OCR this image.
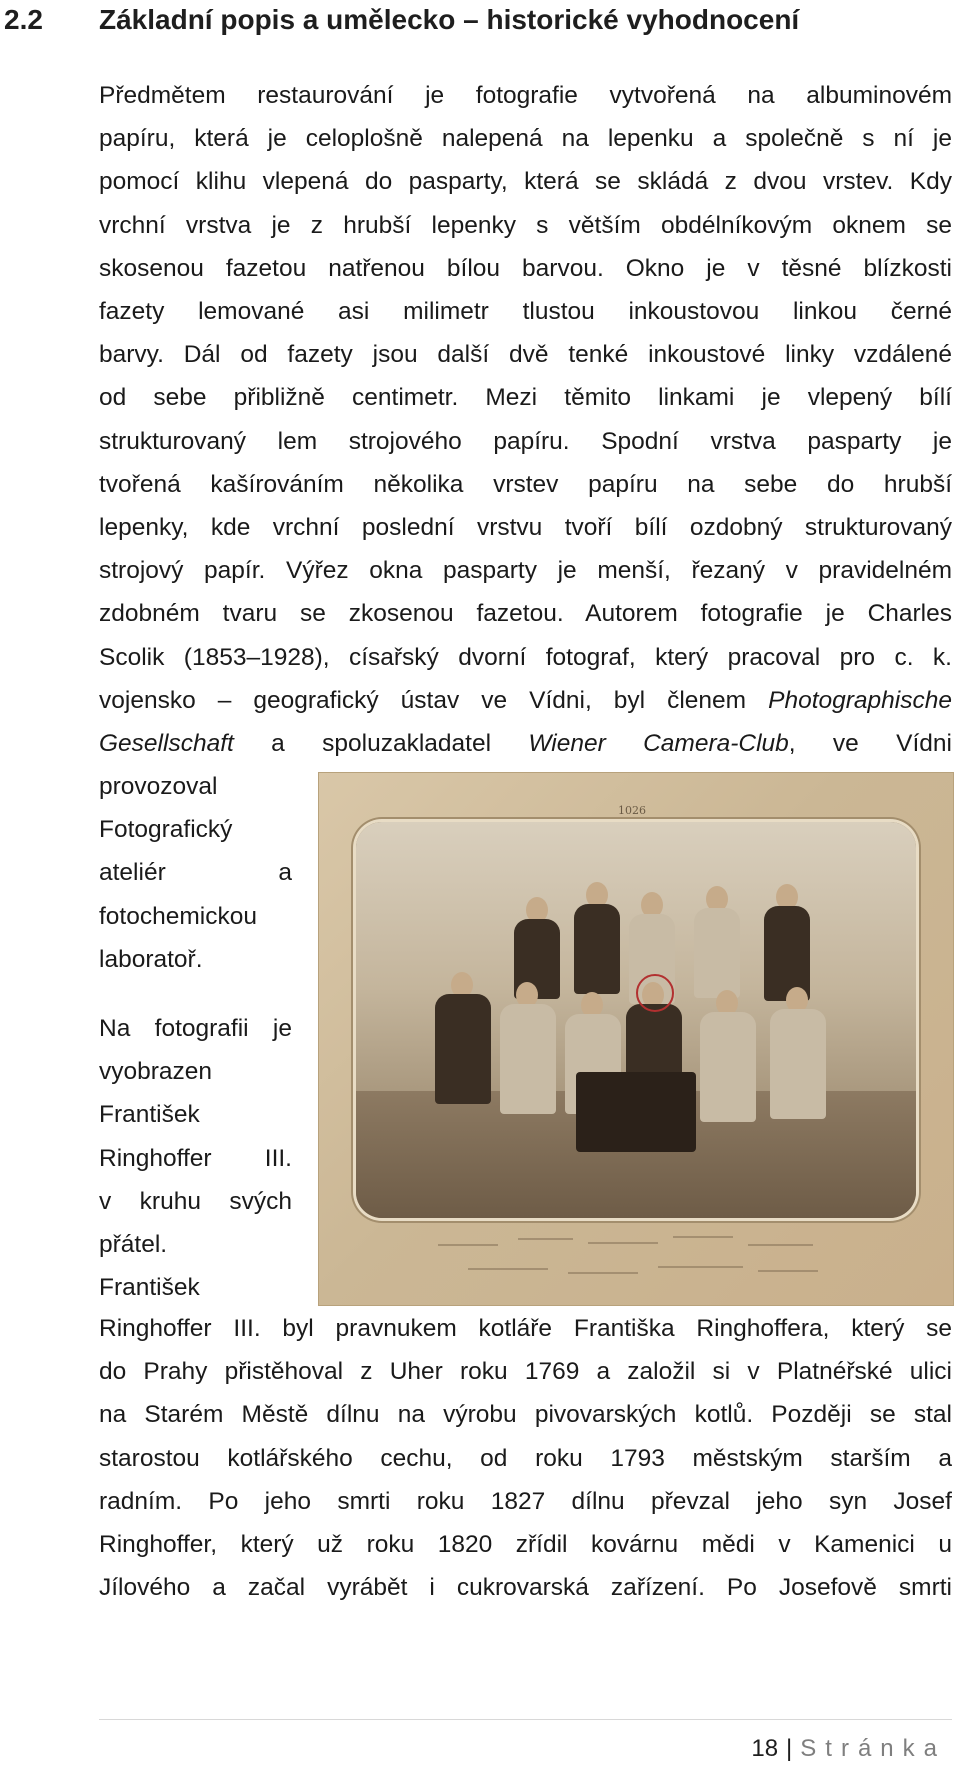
2.2 Základní popis a umělecko – historické vyhodnocení
Předmětem restaurování je fotografie vytvořená na albuminovém
papíru, která je celoplošně nalepená na lepenku a společně s ní je
pomocí klihu vlepená do pasparty, která se skládá z dvou vrstev. Kdy
vrchní vrstva je z hrubší lepenky s větším obdélníkovým oknem se
skosenou fazetou natřenou bílou barvou. Okno je v těsné blízkosti
fazety lemované asi milimetr tlustou inkoustovou linkou černé
barvy. Dál od fazety jsou další dvě tenké inkoustové linky vzdálené
od sebe přibližně centimetr. Mezi těmito linkami je vlepený bílí
strukturovaný lem strojového papíru. Spodní vrstva pasparty je
tvořená kašírováním několika vrstev papíru na sebe do hrubší
lepenky, kde vrchní poslední vrstvu tvoří bílí ozdobný strukturovaný
strojový papír. Výřez okna pasparty je menší, řezaný v pravidelném
zdobném tvaru se zkosenou fazetou. Autorem fotografie je Charles
Scolik (1853–1928), císařský dvorní fotograf, který pracoval pro c. k.
vojensko – geografický ústav ve Vídni, byl členem Photographische
Gesellschaft a spoluzakladatel Wiener Camera-Club, ve Vídni
provozoval
Fotografický
ateliér a
fotochemickou
laboratoř.
Na fotografii je
vyobrazen
František
Ringhoffer III.
v kruhu svých
přátel.
František
1026
Ringhoffer III. byl pravnukem kotláře Františka Ringhoffera, který se
do Prahy přistěhoval z Uher roku 1769 a založil si v Platnéřské ulici
na Starém Městě dílnu na výrobu pivovarských kotlů. Později se stal
starostou kotlářského cechu, od roku 1793 městským starším a
radním. Po jeho smrti roku 1827 dílnu převzal jeho syn Josef
Ringhoffer, který už roku 1820 zřídil kovárnu mědi v Kamenici u
Jílového a začal vyrábět i cukrovarská zařízení. Po Josefově smrti
18 | Stránka
